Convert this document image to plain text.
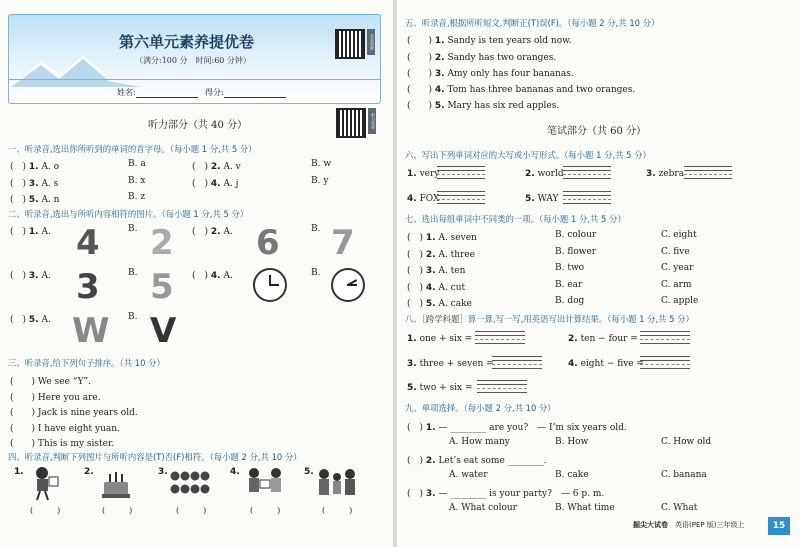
第六单元素养提优卷
（满分:100 分　时间:60 分钟）
录音资源
姓名:	得分:
听力部分（共 40 分）	听力录音
一、听录音,选出你所听到的单词的首字母。（每小题 1 分,共 5 分）
(　) 1. A. o	B. a	(　) 2. A. v	B. w
(　) 3. A. s	B. x	(　) 4. A. j	B. y
(　) 5. A. n	B. z
二、听录音,选出与所听内容相符的图片。（每小题 1 分,共 5 分）
(　) 1. A. 4	B. 2 (　) 2. A. 6	B. 7
(　) 3. A. 3	B. 5 (　) 4. A.	B.
(　) 5. A. W B. V
三、听录音,给下列句子排序。（共 10 分）
(　　) We see “Y”.
(　　) Here you are.
(　　) Jack is nine years old.
(　　) I have eight yuan.
(　　) This is my sister.
四、听录音,判断下列图片与所听内容是(T)否(F)相符。（每小题 2 分,共 10 分）
1.	2.	3.	4.	5.
(　　　	)	(　　　	)	(　　　	)	(　　　	)	(　　　	)
五、听录音,根据所听短文,判断正(T)误(F)。（每小题 2 分,共 10 分）
(　　) 1. Sandy is ten years old now.
(　　) 2. Sandy has two oranges.
(　　) 3. Amy only has four bananas.
(　　) 4. Tom has three bananas and two oranges.
(　　) 5. Mary has six red apples.
笔试部分（共 60 分）
六、写出下列单词对应的大写或小写形式。（每小题 1 分,共 5 分）
1. very	2. world	3. zebra
4. FOX	5. WAY
七、选出每组单词中不同类的一项。（每小题 1 分,共 5 分）
(　) 1. A. seven	B. colour	C. eight
(　) 2. A. three	B. flower	C. five
(　) 3. A. ten	B. two	C. year
(　) 4. A. cut	B. ear	C. arm
(　) 5. A. cake	B. dog	C. apple
八、［跨学科题］算一算,写一写,用英语写出计算结果。（每小题 1 分,共 5 分）
1. one + six =	2. ten − four =
3. three + seven =	4. eight − five =
5. two + six =
九、单项选择。（每小题 2 分,共 10 分）
(　) 1. — ________ are you?　— I’m six years old.
A. How many	B. How	C. How old
(　) 2. Let’s eat some ________.
A. water	B. cake	C. banana
(　) 3. — ________ is your party?　— 6 p. m.
A. What colour	B. What time	C. What
掘尖大试卷　 英语(PEP 版)三年级上	15
